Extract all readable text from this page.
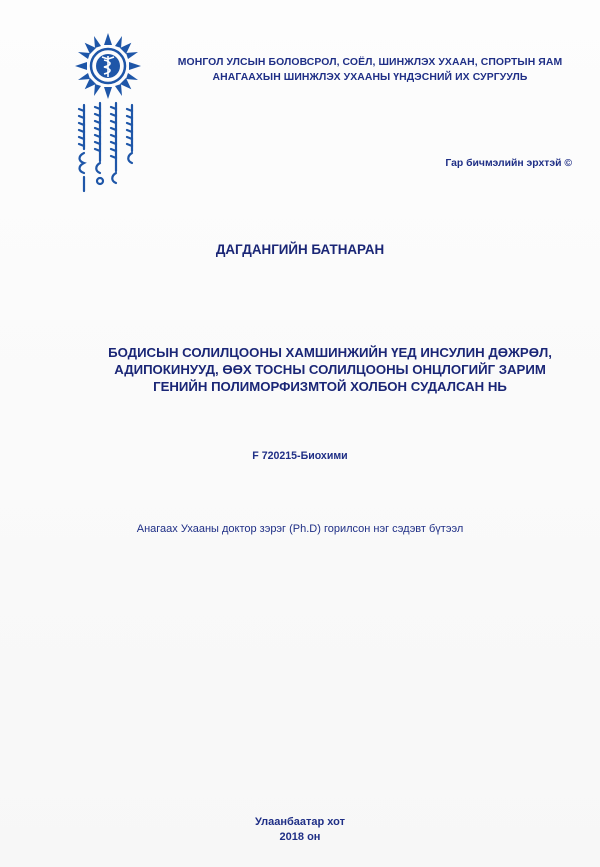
МОНГОЛ УЛСЫН БОЛОВСРОЛ, СОЁЛ, ШИНЖЛЭХ УХААН, СПОРТЫН ЯАМ
АНАГААХЫН ШИНЖЛЭХ УХААНЫ ҮНДЭСНИЙ ИХ СУРГУУЛЬ
Гар бичмэлийн эрхтэй ©
ДАГДАНГИЙН БАТНАРАН
БОДИСЫН СОЛИЛЦООНЫ ХАМШИНЖИЙН ҮЕД ИНСУЛИН ДӨЖРӨЛ,
АДИПОКИНУУД, ӨӨХ ТОСНЫ СОЛИЛЦООНЫ ОНЦЛОГИЙГ ЗАРИМ
ГЕНИЙН ПОЛИМОРФИЗМТОЙ ХОЛБОН СУДАЛСАН НЬ
F 720215-Биохими
Анагаах Ухааны доктор зэрэг (Ph.D) горилсон нэг сэдэвт бүтээл
Улаанбаатар хот
2018 он
